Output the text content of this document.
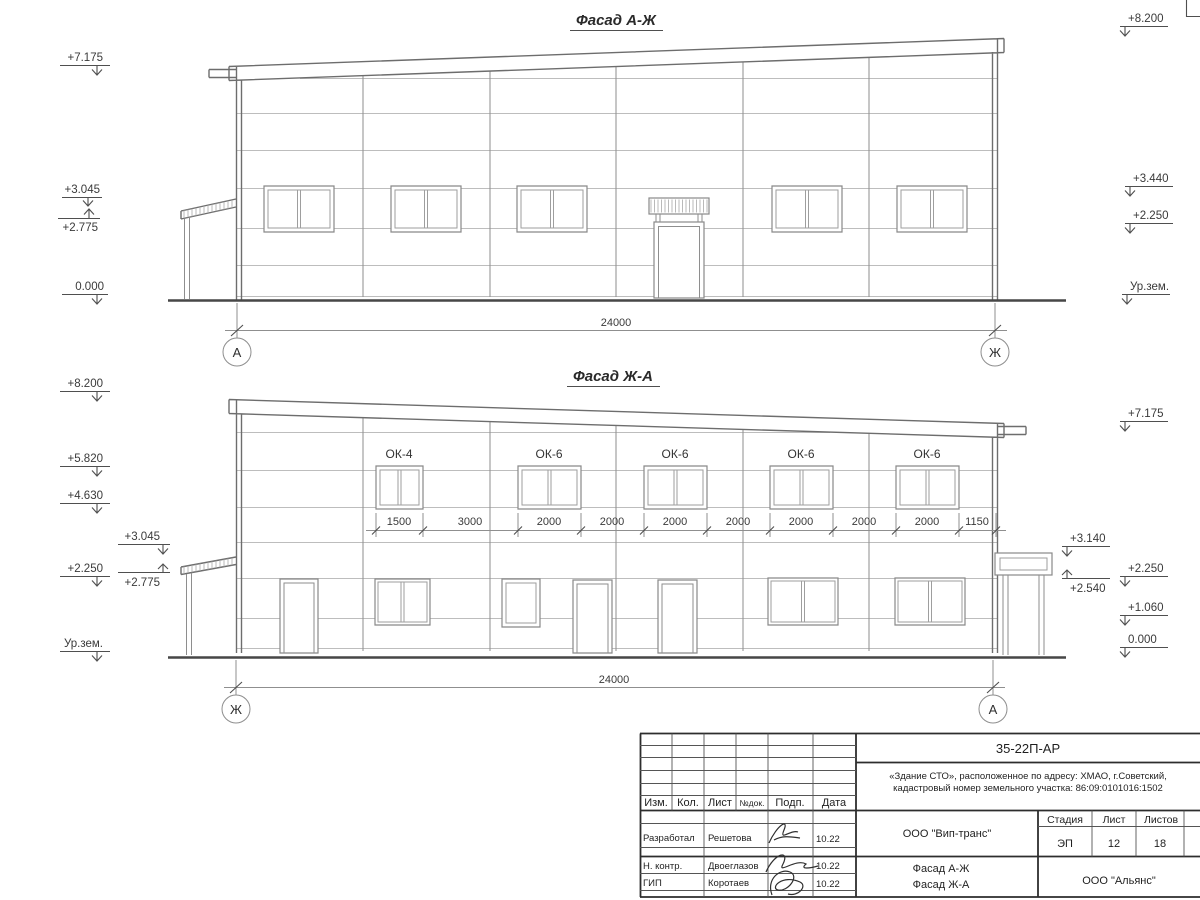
Фасад А-Ж
24000
А	Ж
+7.175
+3.045
+2.775
0.000
+8.200
+3.440
+2.250
Ур.зем.
Фасад Ж-А
ОК-4	ОК-6	ОК-6	ОК-6	ОК-6
1500	3000	2000	2000	2000	2000	2000	2000	2000 1150
24000
Ж	А
+8.200
+5.820
+4.630
+3.045
+2.250
+2.775
Ур.зем.
+7.175
+3.140
+2.250
+2.540
+1.060
0.000
35-22П-АР
«Здание СТО», расположенное по адресу: ХМАО, г.Советский,
кадастровый номер земельного участка: 86:09:0101016:1502
Изм. Кол. Лист №док. Подп. Дата
Разработал Решетова	10.22
Н. контр.	Двоеглазов	10.22
ГИП	Коротаев	10.22
ООО "Вип-транс"
Стадия Лист Листов
ЭП	12	18
Фасад А-Ж
Фасад Ж-А	ООО "Альянс"
